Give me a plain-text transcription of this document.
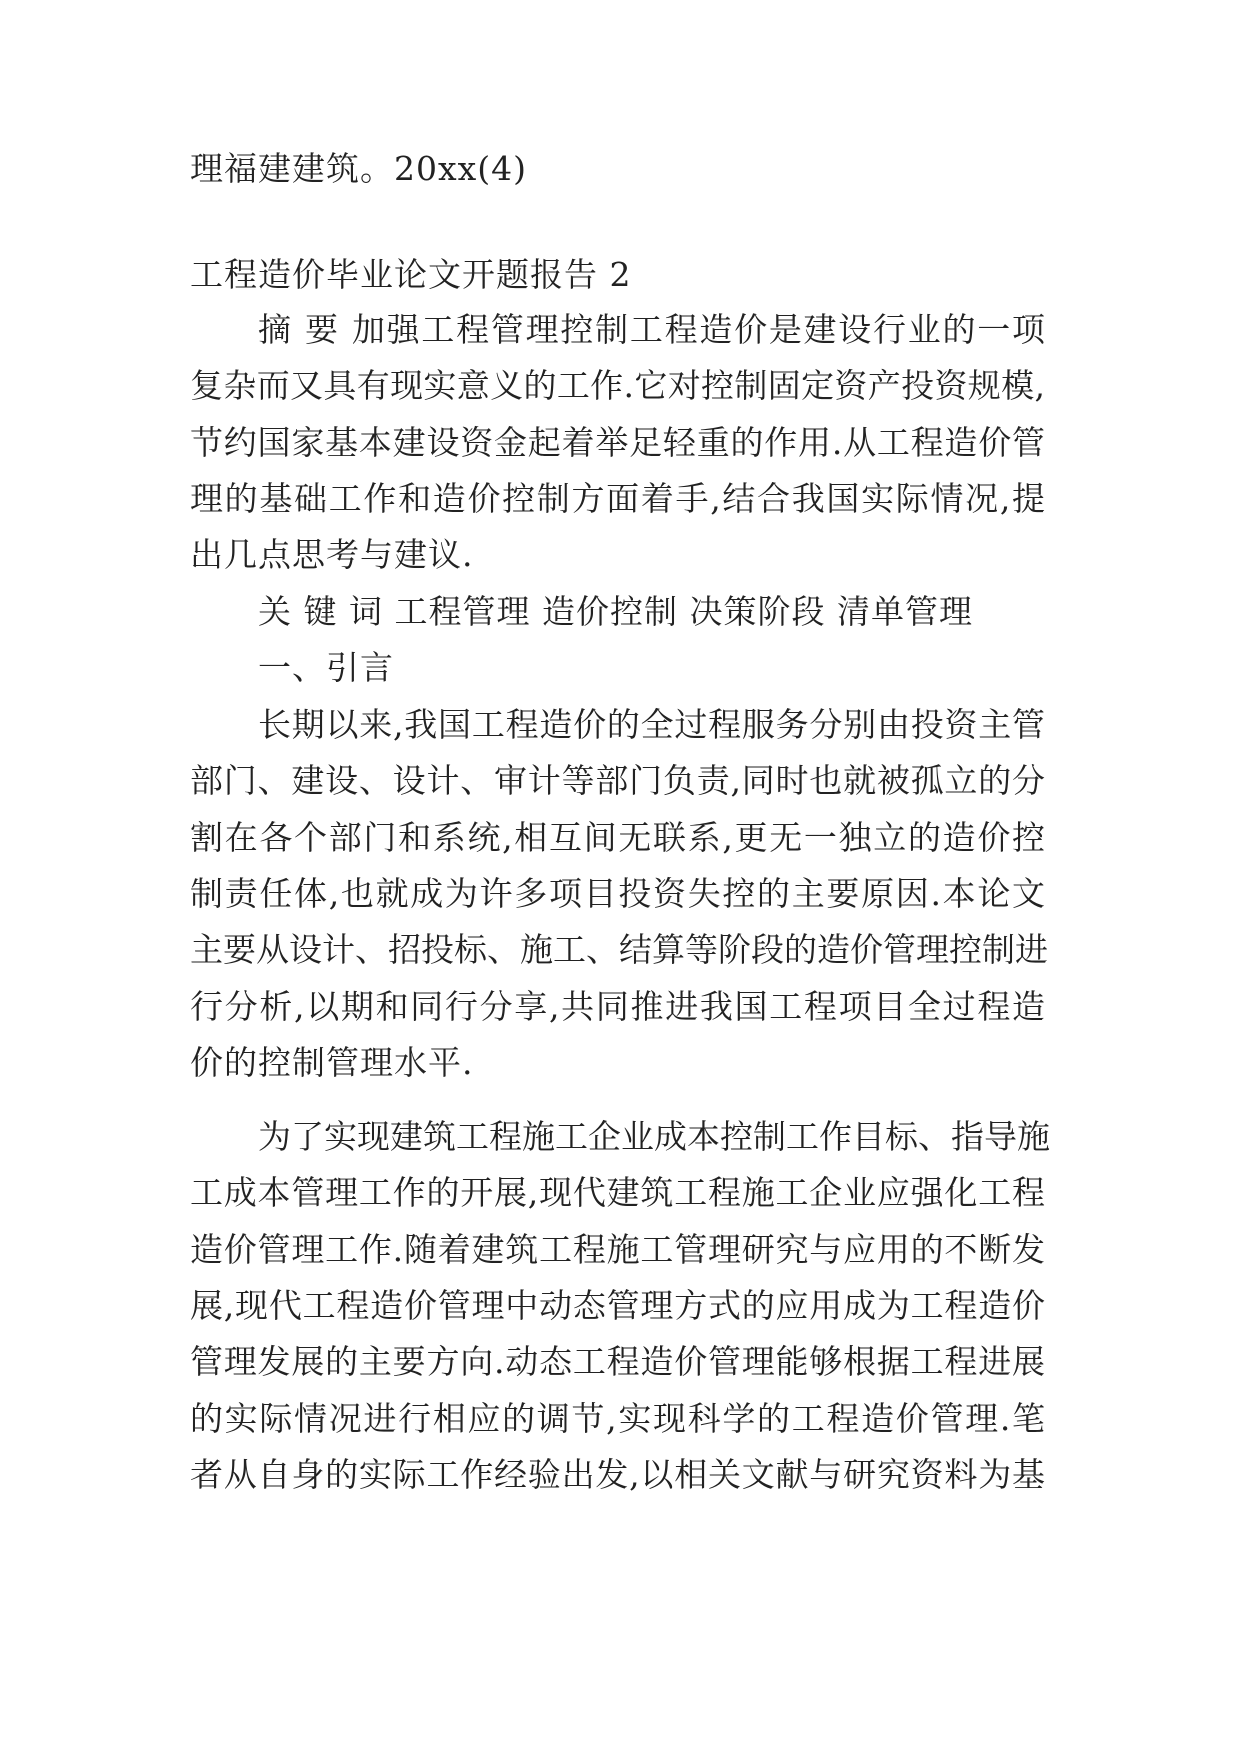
理福建建筑。20xx(4)

工程造价毕业论文开题报告 2

摘 要 加强工程管理控制工程造价是建设行业的一项

复杂而又具有现实意义的工作.它对控制固定资产投资规模,

节约国家基本建设资金起着举足轻重的作用.从工程造价管

理的基础工作和造价控制方面着手,结合我国实际情况,提

出几点思考与建议.

关 键 词 工程管理 造价控制 决策阶段 清单管理

一、引言

长期以来,我国工程造价的全过程服务分别由投资主管

部门、建设、设计、审计等部门负责,同时也就被孤立的分

割在各个部门和系统,相互间无联系,更无一独立的造价控

制责任体,也就成为许多项目投资失控的主要原因.本论文

主要从设计、招投标、施工、结算等阶段的造价管理控制进

行分析,以期和同行分享,共同推进我国工程项目全过程造

价的控制管理水平.

为了实现建筑工程施工企业成本控制工作目标、指导施

工成本管理工作的开展,现代建筑工程施工企业应强化工程

造价管理工作.随着建筑工程施工管理研究与应用的不断发

展,现代工程造价管理中动态管理方式的应用成为工程造价

管理发展的主要方向.动态工程造价管理能够根据工程进展

的实际情况进行相应的调节,实现科学的工程造价管理.笔

者从自身的实际工作经验出发,以相关文献与研究资料为基
